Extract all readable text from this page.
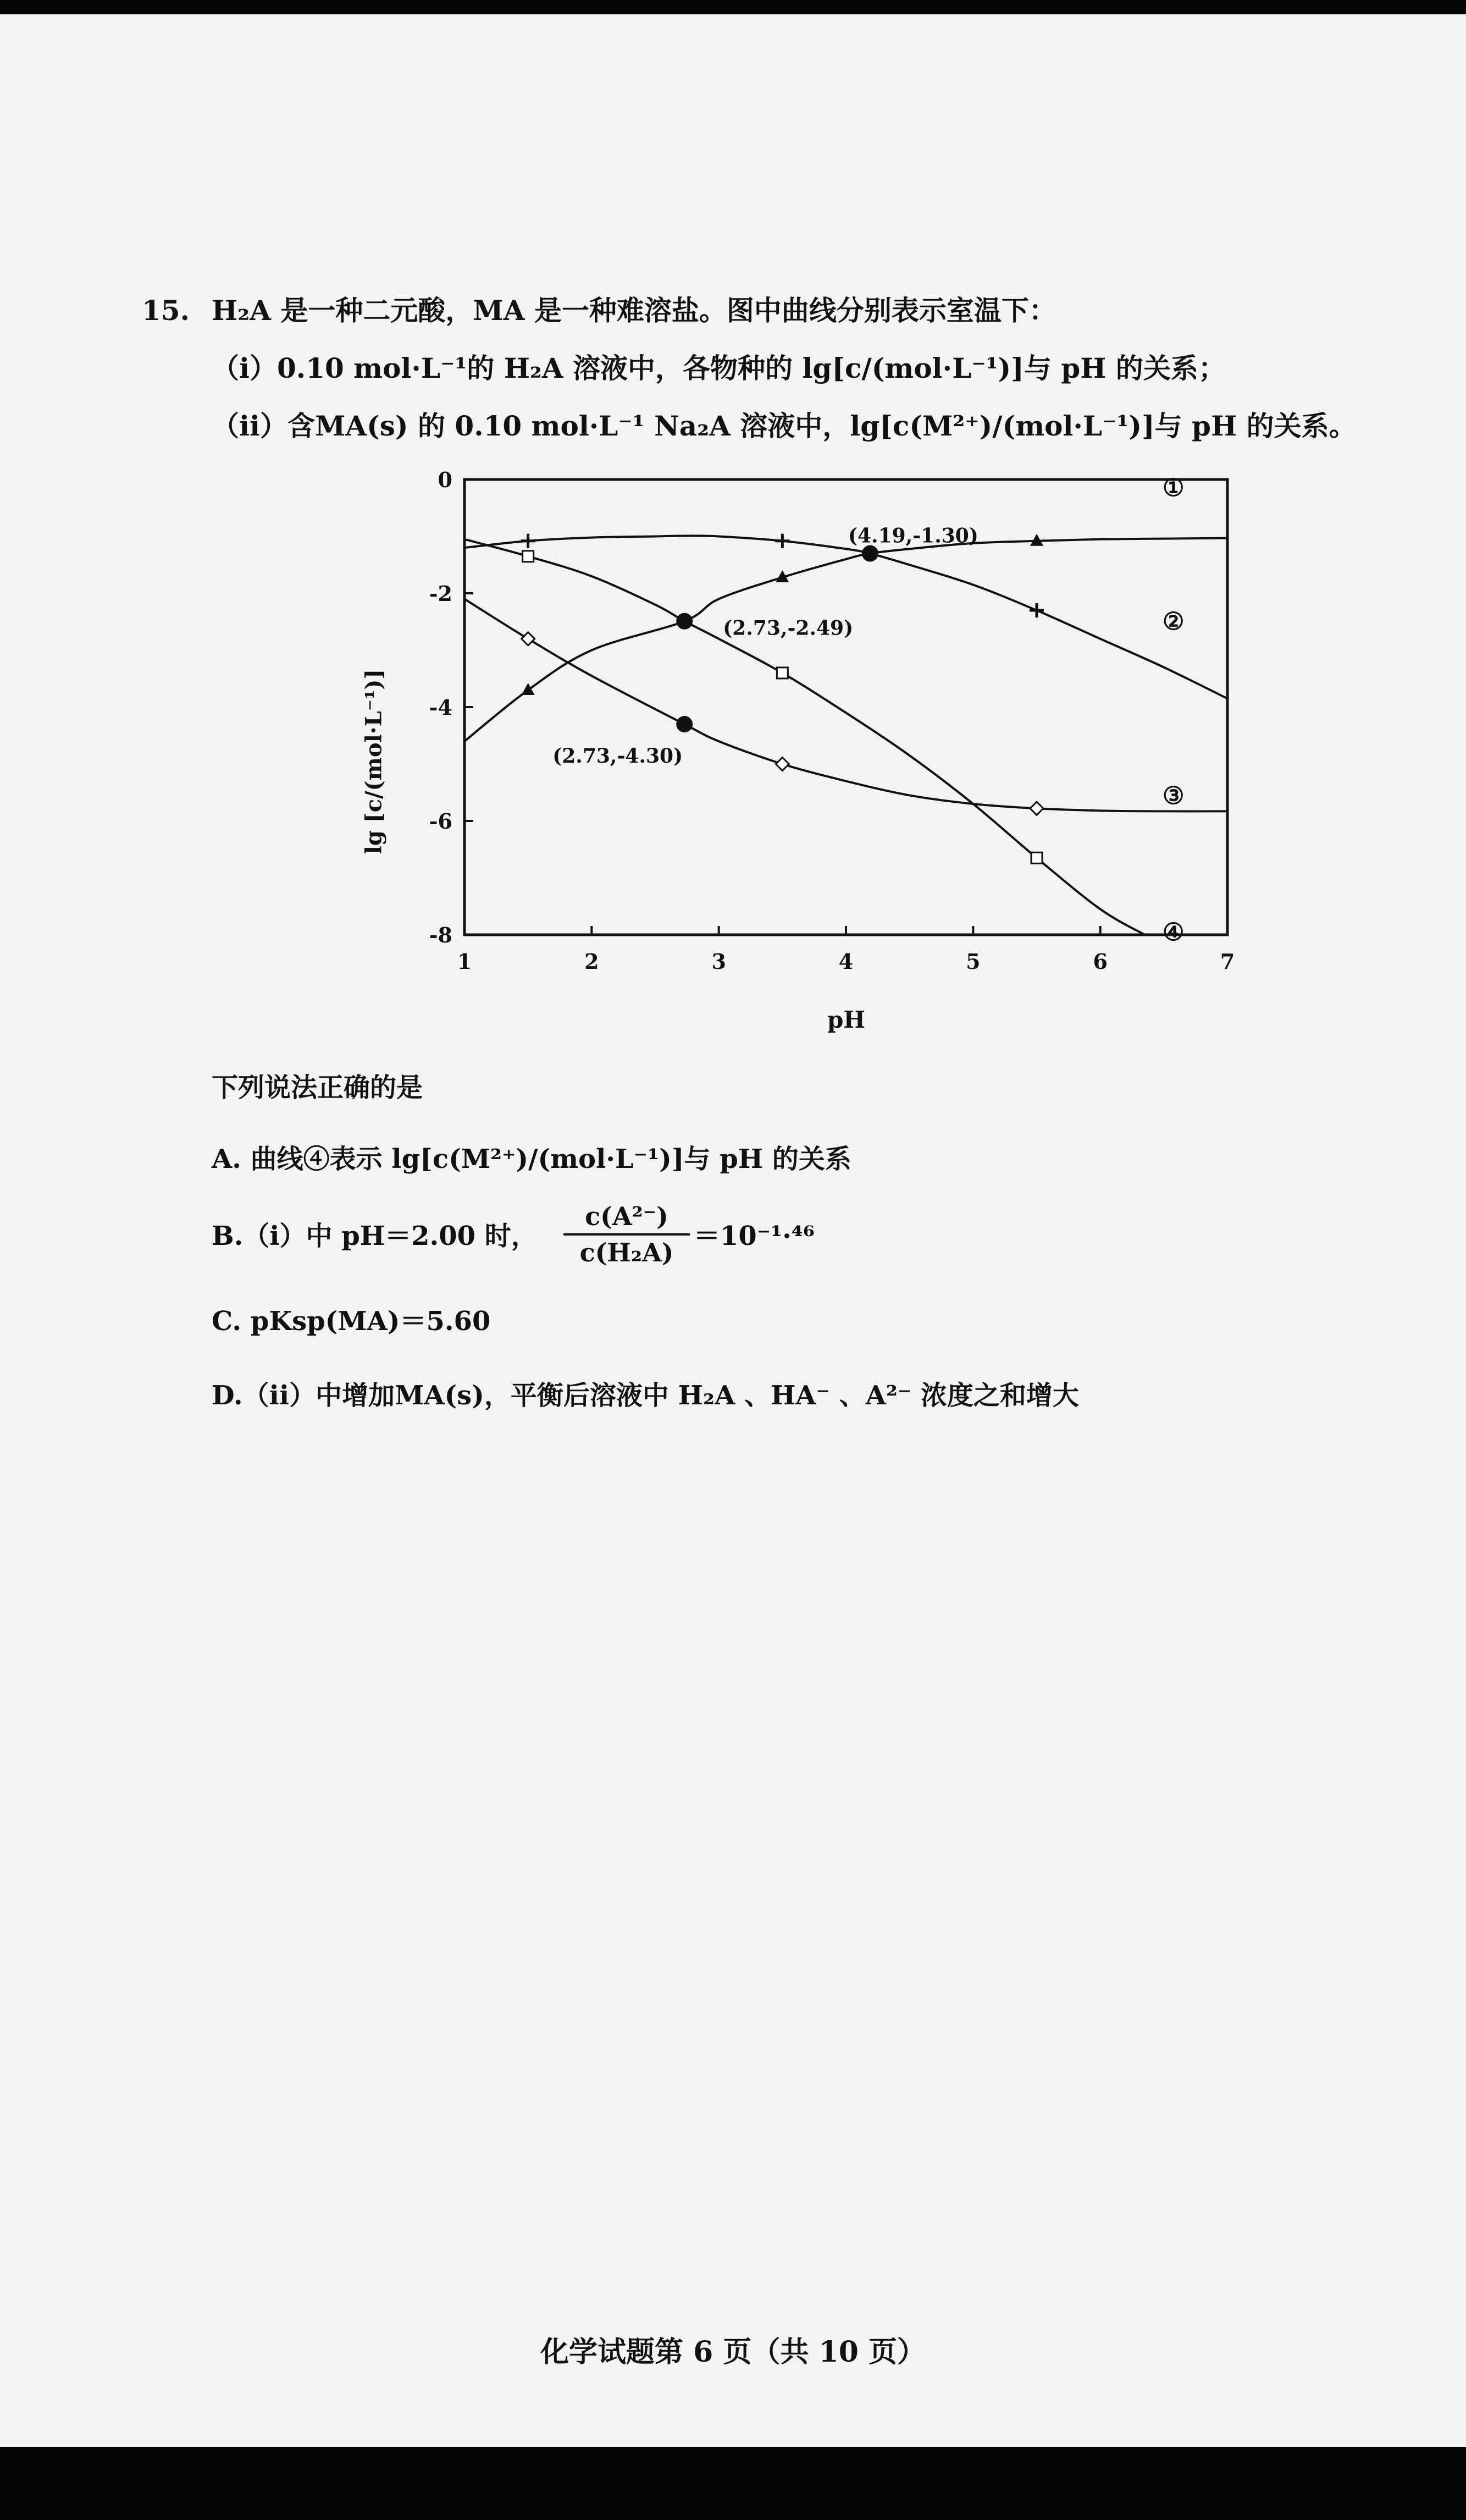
15. H₂A 是一种二元酸，MA 是一种难溶盐。图中曲线分别表示室温下：
（i）0.10 mol·L⁻¹的 H₂A 溶液中，各物种的 lg[c/(mol·L⁻¹)]与 pH 的关系；
（ii）含MA(s) 的 0.10 mol·L⁻¹ Na₂A 溶液中，lg[c(M²⁺)/(mol·L⁻¹)]与 pH 的关系。
lg [c/(mol·L⁻¹)]
1	2	3	4	5	6	7
0
-2
-4
-6
-8
①
②
③
④
(4.19,-1.30)
(2.73,-2.49)
(2.73,-4.30)
pH
下列说法正确的是
A. 曲线④表示 lg[c(M²⁺)/(mol·L⁻¹)]与 pH 的关系
B.（i）中 pH＝2.00 时， $\frac{\text{c(A²⁻)}}{\text{c(H₂A)}} =10^{-1}\cdot^{46}$
C. pKsp(MA)＝5.60
D.（ii）中增加MA(s)，平衡后溶液中 H₂A 、HA⁻ 、A²⁻ 浓度之和增大
化学试题第 6 页（共 10 页）
